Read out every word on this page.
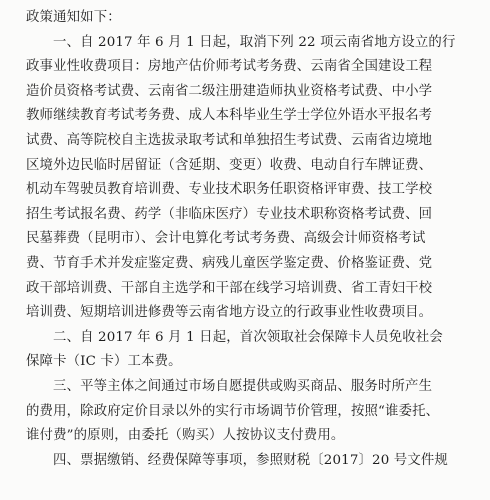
政策通知如下：
一、自 2017 年 6 月 1 日起，取消下列 22 项云南省地方设立的行
政事业性收费项目：房地产估价师考试考务费、云南省全国建设工程
造价员资格考试费、云南省二级注册建造师执业资格考试费、中小学
教师继续教育考试考务费、成人本科毕业生学士学位外语水平报名考
试费、高等院校自主选拔录取考试和单独招生考试费、云南省边境地
区境外边民临时居留证（含延期、变更）收费、电动自行车牌证费、
机动车驾驶员教育培训费、专业技术职务任职资格评审费、技工学校
招生考试报名费、药学（非临床医疗）专业技术职称资格考试费、回
民墓葬费（昆明市）、会计电算化考试考务费、高级会计师资格考试
费、节育手术并发症鉴定费、病残儿童医学鉴定费、价格鉴证费、党
政干部培训费、干部自主选学和干部在线学习培训费、省工青妇干校
培训费、短期培训进修费等云南省地方设立的行政事业性收费项目。
二、自 2017 年 6 月 1 日起，首次领取社会保障卡人员免收社会
保障卡（IC 卡）工本费。
三、平等主体之间通过市场自愿提供或购买商品、服务时所产生
的费用，除政府定价目录以外的实行市场调节价管理，按照“谁委托、
谁付费”的原则，由委托（购买）人按协议支付费用。
四、票据缴销、经费保障等事项，参照财税〔2017〕20 号文件规
